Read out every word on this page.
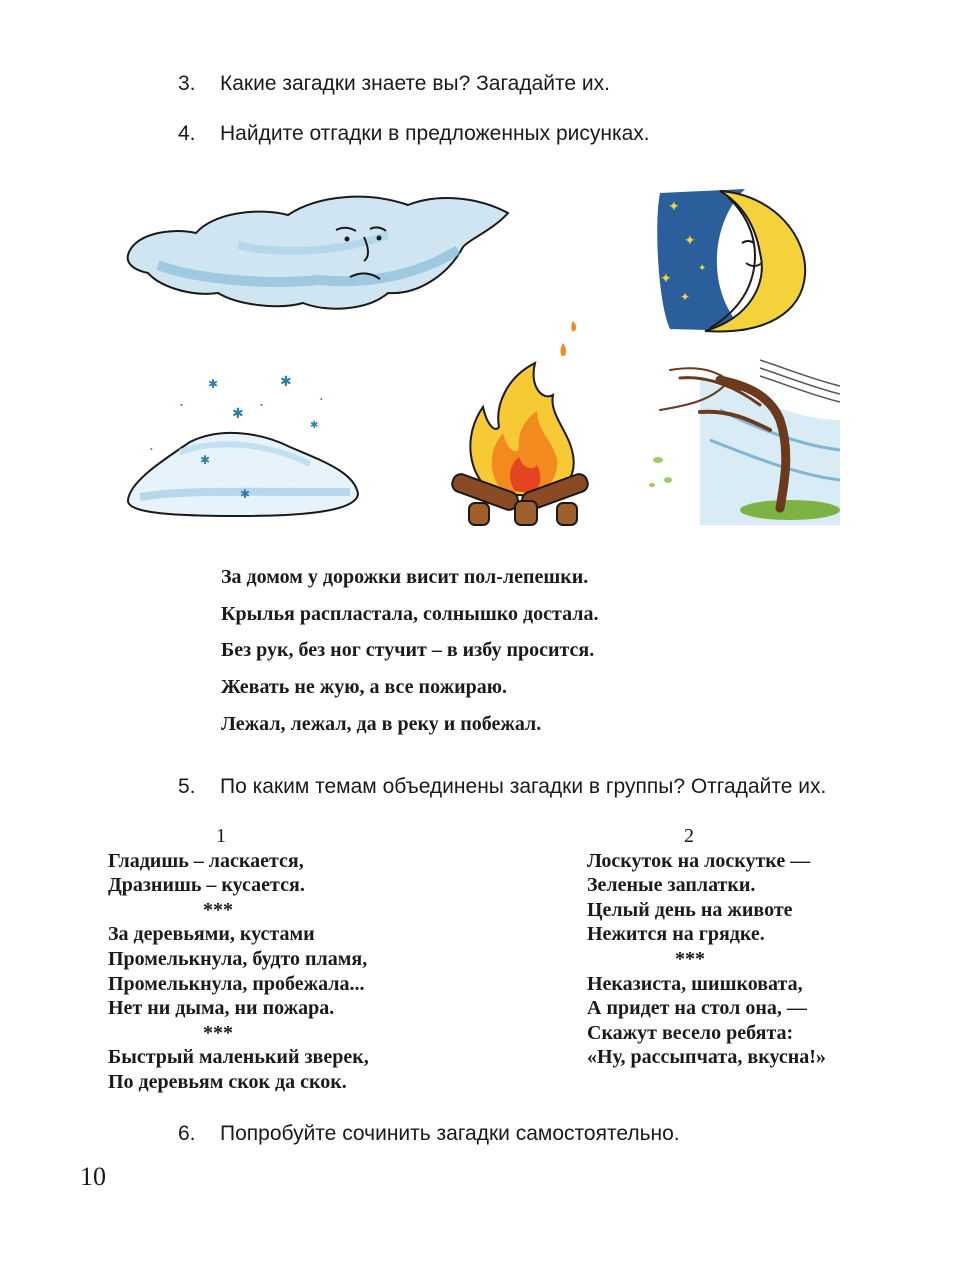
3. Какие загадки знаете вы? Загадайте их.
4. Найдите отгадки в предложенных рисунках.
✦
✦
✦
✦
✦
✱	✱
✱
•	•
✱
✱
✱
•
•
За домом у дорожки висит пол-лепешки.
Крылья распластала, солнышко достала.
Без рук, без ног стучит – в избу просится.
Жевать не жую, а все пожираю.
Лежал, лежал, да в реку и побежал.
5. По каким темам объединены загадки в группы? Отгадайте их.
1
Гладишь – ласкается,
Дразнишь – кусается.
***
За деревьями, кустами
Промелькнула, будто пламя,
Промелькнула, пробежала...
Нет ни дыма, ни пожара.
***
Быстрый маленький зверек,
По деревьям скок да скок.
2
Лоскуток на лоскутке —
Зеленые заплатки.
Целый день на животе
Нежится на грядке.
***
Неказиста, шишковата,
А придет на стол она, —
Скажут весело ребята:
«Ну, рассыпчата, вкусна!»
6. Попробуйте сочинить загадки самостоятельно.
10
